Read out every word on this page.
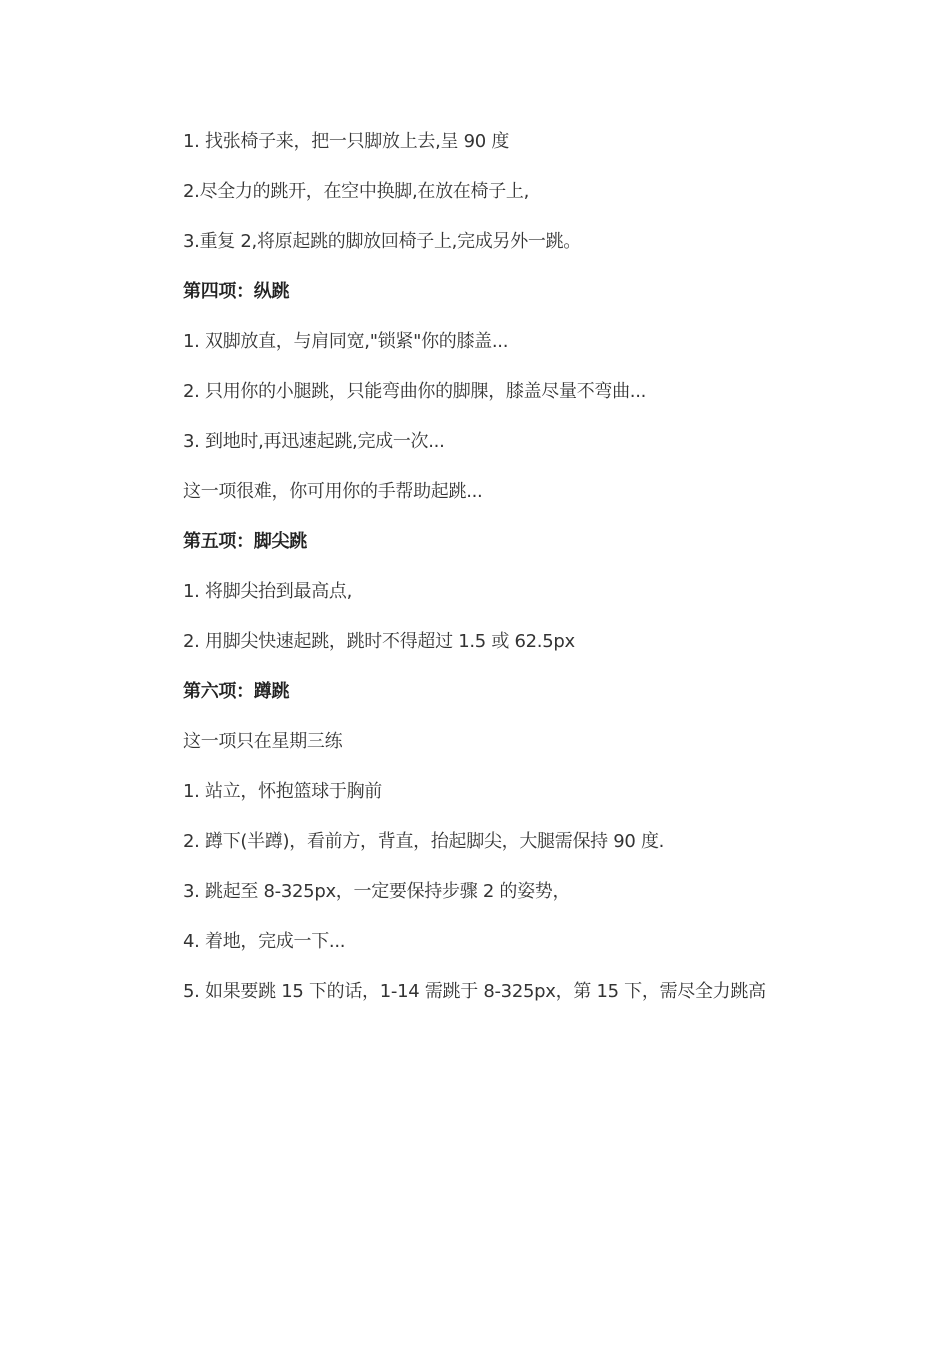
1. 找张椅子来，把一只脚放上去,呈 90 度
2.尽全力的跳开，在空中换脚,在放在椅子上,
3.重复 2,将原起跳的脚放回椅子上,完成另外一跳。
第四项：纵跳
1. 双脚放直，与肩同宽,"锁紧"你的膝盖...
2. 只用你的小腿跳，只能弯曲你的脚腂，膝盖尽量不弯曲...
3. 到地时,再迅速起跳,完成一次...
这一项很难，你可用你的手帮助起跳...
第五项：脚尖跳
1. 将脚尖抬到最高点,
2. 用脚尖快速起跳，跳时不得超过 1.5 或 62.5px
第六项：蹲跳
这一项只在星期三练
1. 站立，怀抱篮球于胸前
2. 蹲下(半蹲)，看前方，背直，抬起脚尖，大腿需保持 90 度.
3. 跳起至 8-325px，一定要保持步骤 2 的姿势，
4. 着地，完成一下...
5. 如果要跳 15 下的话，1-14 需跳于 8-325px，第 15 下，需尽全力跳高
